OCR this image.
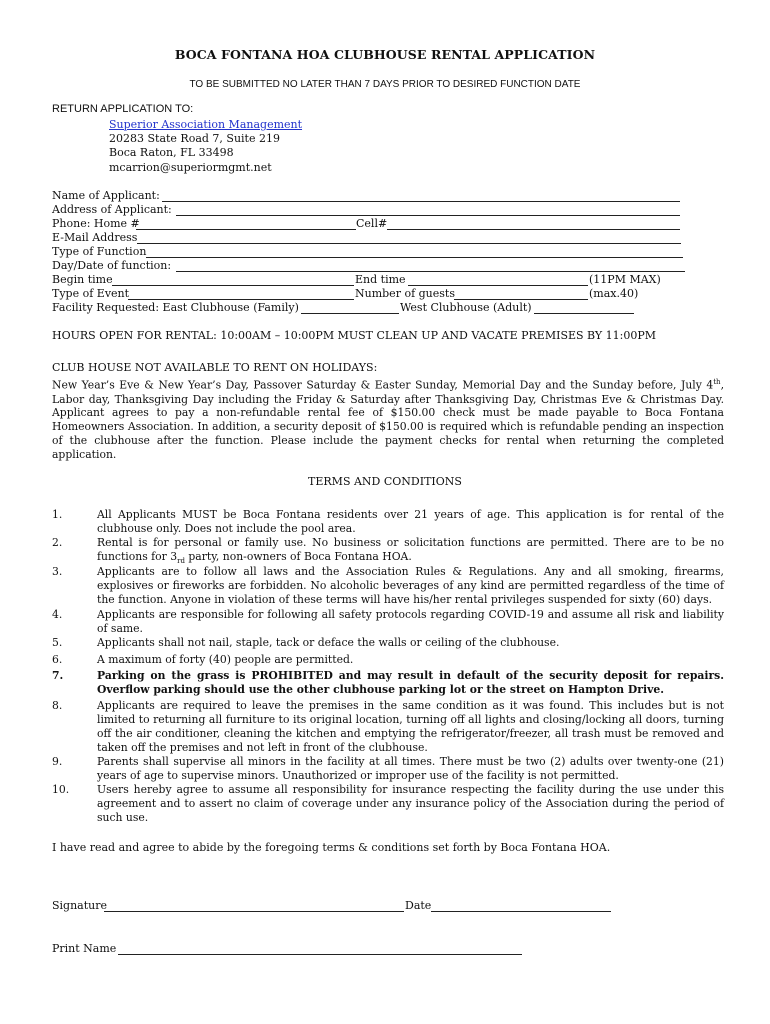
BOCA FONTANA HOA CLUBHOUSE RENTAL APPLICATION
TO BE SUBMITTED NO LATER THAN 7 DAYS PRIOR TO DESIRED FUNCTION DATE
RETURN APPLICATION TO:
Superior Association Management
20283 State Road 7, Suite 219
Boca Raton, FL 33498
mcarrion@superiormgmt.net
Name of Applicant:
Address of Applicant:
Phone: Home #	Cell#
E-Mail Address
Type of Function
Day/Date of function:
Begin time	End time	(11PM MAX)
Type of Event	Number of guests	(max.40)
Facility Requested: East Clubhouse (Family)	West Clubhouse (Adult)
HOURS OPEN FOR RENTAL: 10:00AM – 10:00PM MUST CLEAN UP AND VACATE PREMISES BY 11:00PM
CLUB HOUSE NOT AVAILABLE TO RENT ON HOLIDAYS:
New Year’s Eve & New Year’s Day, Passover Saturday & Easter Sunday, Memorial Day and the Sunday before, July 4th, Labor day, Thanksgiving Day including the Friday & Saturday after Thanksgiving Day, Christmas Eve & Christmas Day. Applicant agrees to pay a non-refundable rental fee of $150.00 check must be made payable to Boca Fontana Homeowners Association. In addition, a security deposit of $150.00 is required which is refundable pending an inspection of the clubhouse after the function. Please include the payment checks for rental when returning the completed application.
TERMS AND CONDITIONS
1.	All Applicants MUST be Boca Fontana residents over 21 years of age. This application is for rental of the clubhouse only. Does not include the pool area.
2.	Rental is for personal or family use. No business or solicitation functions are permitted. There are to be no functions for $3_{rd}$ party, non-owners of Boca Fontana HOA.
3.	Applicants are to follow all laws and the Association Rules & Regulations. Any and all smoking, firearms, explosives or fireworks are forbidden. No alcoholic beverages of any kind are permitted regardless of the time of the function. Anyone in violation of these terms will have his/her rental privileges suspended for sixty (60) days.
4.	Applicants are responsible for following all safety protocols regarding COVID-19 and assume all risk and liability of same.
5.	Applicants shall not nail, staple, tack or deface the walls or ceiling of the clubhouse.
6.	A maximum of forty (40) people are permitted.
7.	Parking on the grass is PROHIBITED and may result in default of the security deposit for repairs. Overflow parking should use the other clubhouse parking lot or the street on Hampton Drive.
8.	Applicants are required to leave the premises in the same condition as it was found. This includes but is not limited to returning all furniture to its original location, turning off all lights and closing/locking all doors, turning off the air conditioner, cleaning the kitchen and emptying the refrigerator/freezer, all trash must be removed and taken off the premises and not left in front of the clubhouse.
9.	Parents shall supervise all minors in the facility at all times. There must be two (2) adults over twenty-one (21) years of age to supervise minors. Unauthorized or improper use of the facility is not permitted.
10.	Users hereby agree to assume all responsibility for insurance respecting the facility during the use under this agreement and to assert no claim of coverage under any insurance policy of the Association during the period of such use.
I have read and agree to abide by the foregoing terms & conditions set forth by Boca Fontana HOA.
Signature	Date
Print Name
